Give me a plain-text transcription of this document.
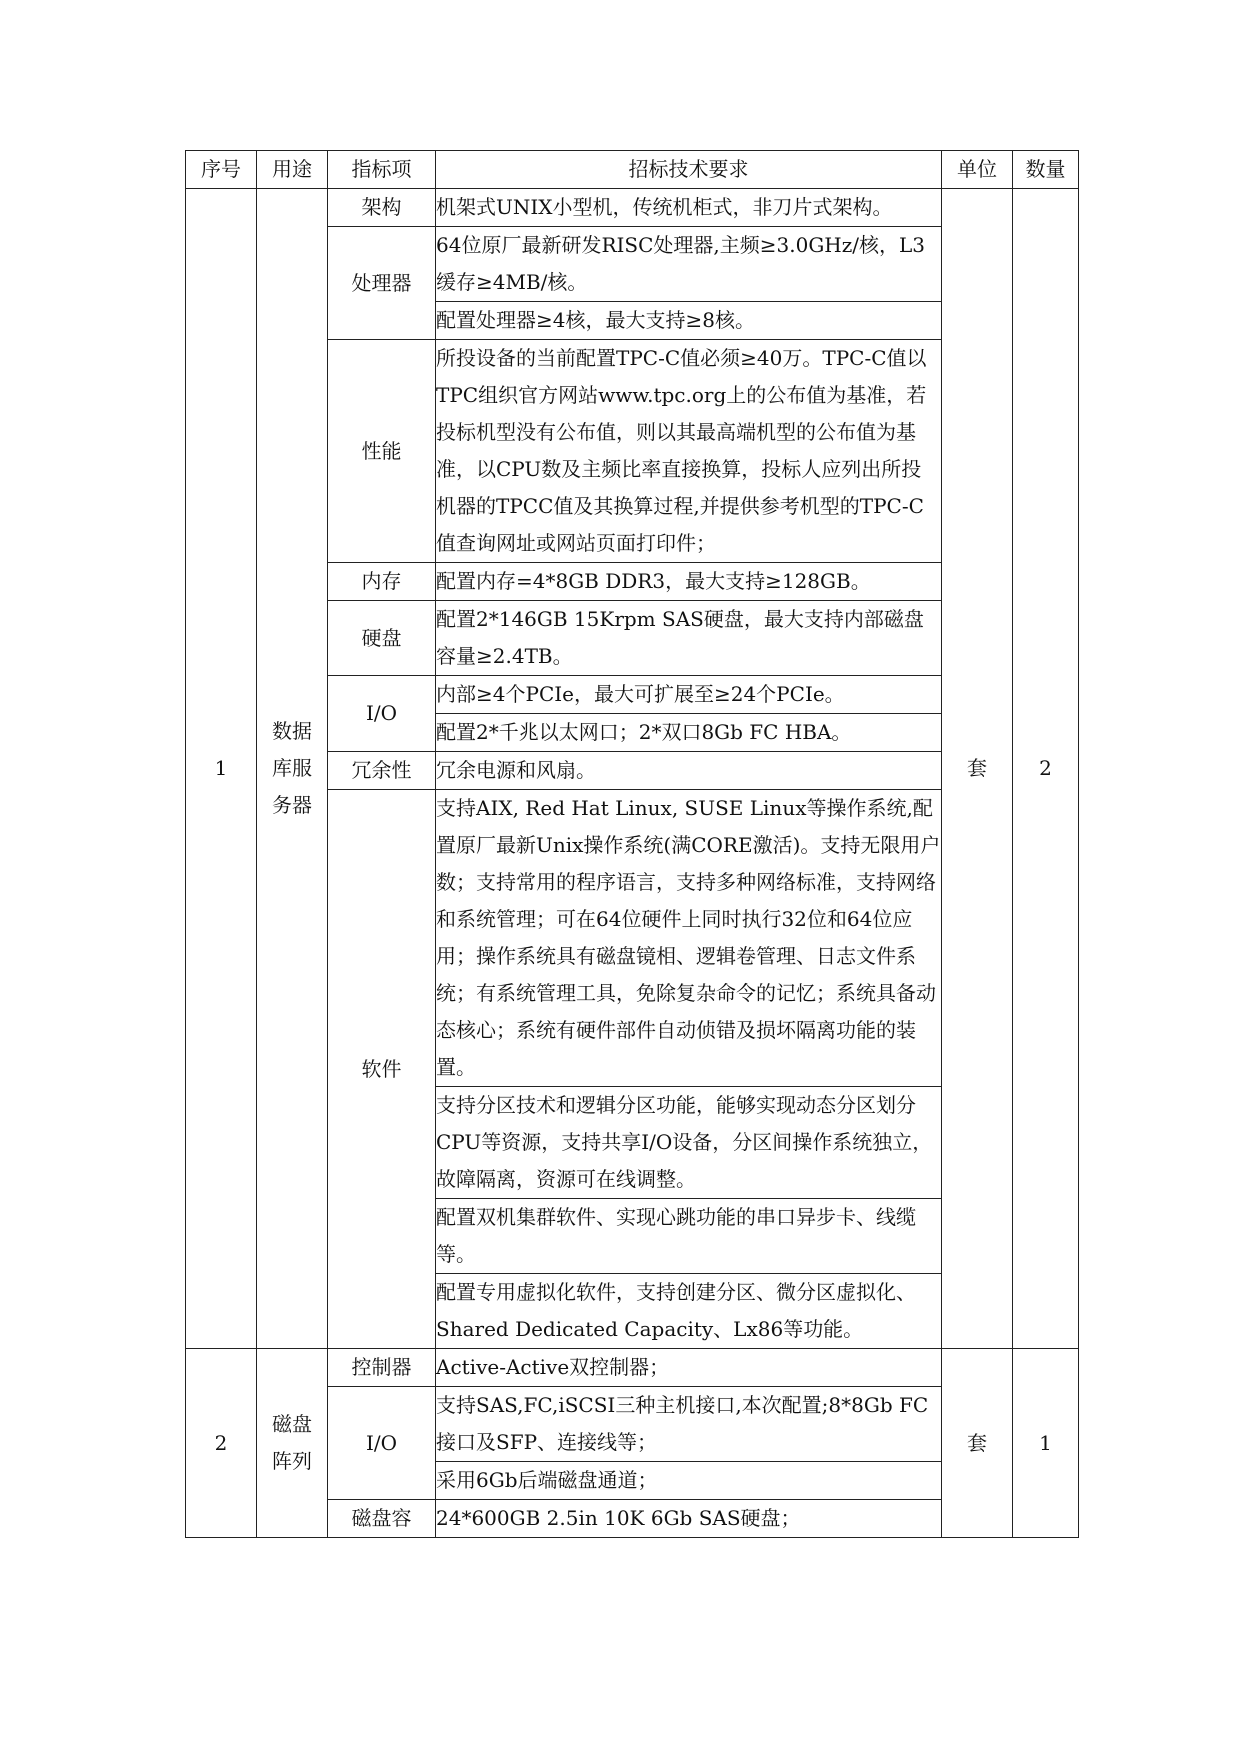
序号	用途	指标项	招标技术要求	单位	数量
1	数据库服务器	架构	机架式UNIX小型机，传统机柜式，非刀片式架构。	套	2
		处理器	64位原厂最新研发RISC处理器,主频≥3.0GHz/核，L3缓存≥4MB/核。		
			配置处理器≥4核，最大支持≥8核。		
		性能	所投设备的当前配置TPC-C值必须≥40万。TPC-C值以TPC组织官方网站www.tpc.org上的公布值为基准，若投标机型没有公布值，则以其最高端机型的公布值为基准，以CPU数及主频比率直接换算，投标人应列出所投机器的TPCC值及其换算过程,并提供参考机型的TPC-C值查询网址或网站页面打印件；		
		内存	配置内存=4*8GB DDR3，最大支持≥128GB。		
		硬盘	配置2*146GB 15Krpm SAS硬盘，最大支持内部磁盘容量≥2.4TB。		
		I/O	内部≥4个PCIe，最大可扩展至≥24个PCIe。		
			配置2*千兆以太网口；2*双口8Gb FC HBA。		
		冗余性	冗余电源和风扇。		
		软件	支持AIX, Red Hat Linux, SUSE Linux等操作系统,配置原厂最新Unix操作系统(满CORE激活)。支持无限用户数；支持常用的程序语言，支持多种网络标准，支持网络和系统管理；可在64位硬件上同时执行32位和64位应用；操作系统具有磁盘镜相、逻辑卷管理、日志文件系统；有系统管理工具，免除复杂命令的记忆；系统具备动态核心；系统有硬件部件自动侦错及损坏隔离功能的装置。		
			支持分区技术和逻辑分区功能，能够实现动态分区划分CPU等资源，支持共享I/O设备，分区间操作系统独立，故障隔离，资源可在线调整。		
			配置双机集群软件、实现心跳功能的串口异步卡、线缆等。		
			配置专用虚拟化软件，支持创建分区、微分区虚拟化、Shared Dedicated Capacity、Lx86等功能。		
2	磁盘阵列	控制器	Active-Active双控制器；	套	1
		I/O	支持SAS,FC,iSCSI三种主机接口,本次配置;8*8Gb FC接口及SFP、连接线等；		
			采用6Gb后端磁盘通道；		
		磁盘容	24*600GB 2.5in 10K 6Gb SAS硬盘；		
